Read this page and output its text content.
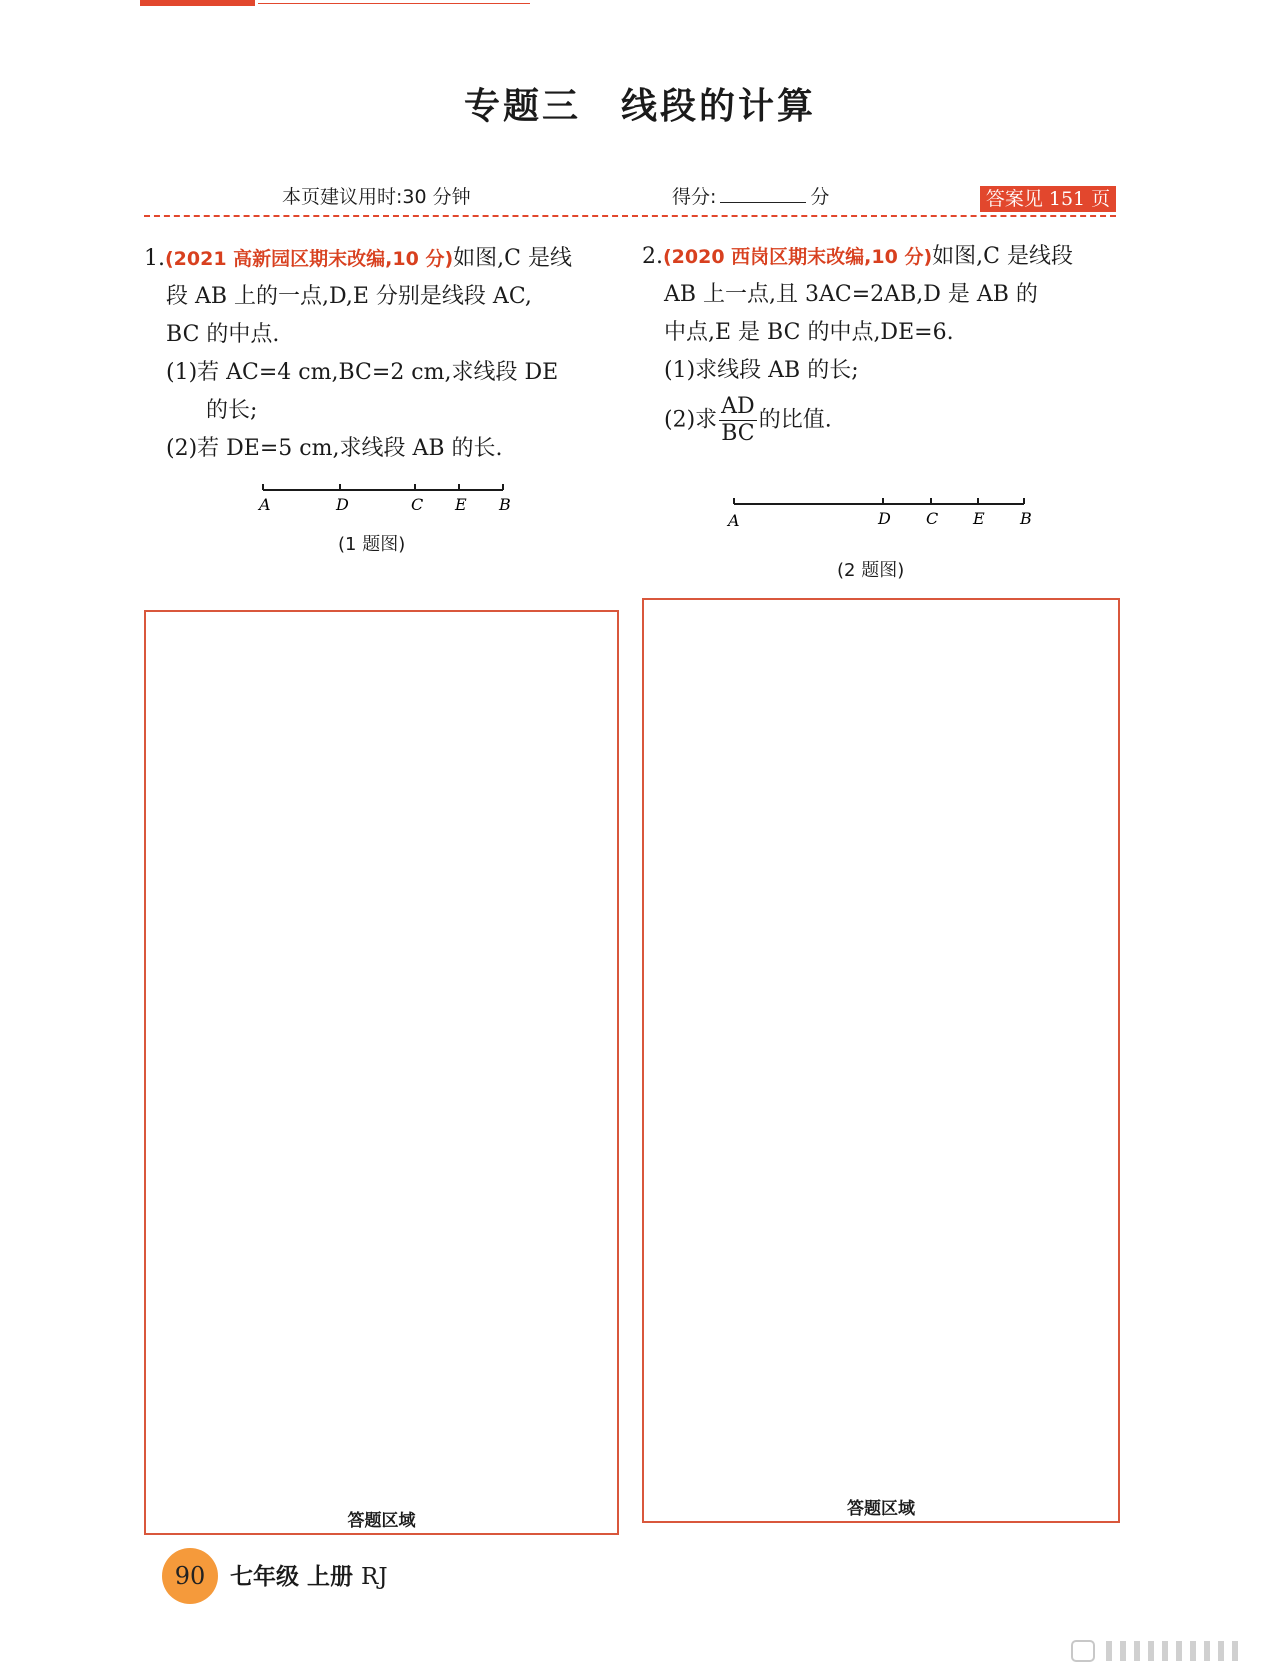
专题三 线段的计算
本页建议用时:30 分钟	得分:	分	答案见 151 页
1.(2021 高新园区期末改编,10 分)如图,C 是线
段 AB 上的一点,D,E 分别是线段 AC,
BC 的中点.
(1)若 AC=4 cm,BC=2 cm,求线段 DE
的长;
(2)若 DE=5 cm,求线段 AB 的长.
A	D	C E B
(1 题图)
2.(2020 西岗区期末改编,10 分)如图,C 是线段
AB 上一点,且 3AC=2AB,D 是 AB 的
中点,E 是 BC 的中点,DE=6.
(1)求线段 AB 的长;
(2)求 $\frac{AD}{BC}$ 的比值.
A	D C E B
(2 题图)
答题区域
答题区域
90	七年级 上册 RJ
